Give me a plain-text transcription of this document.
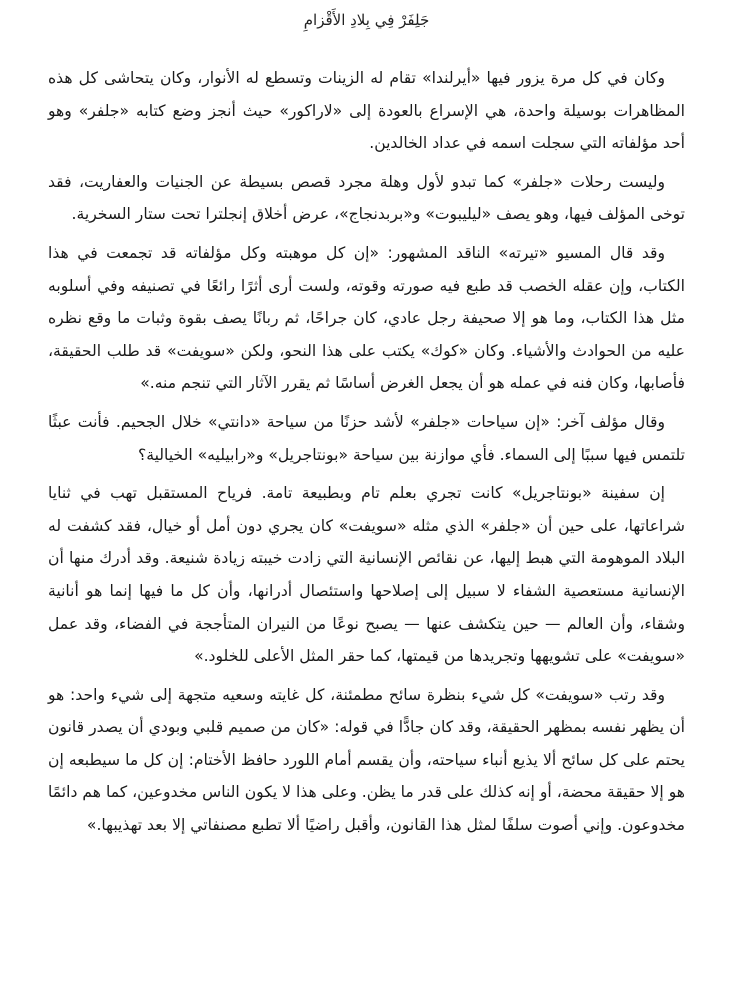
جَلِفَرْ فِي بِلادِ الأَقْزامِ

وكان في كل مرة يزور فيها «أيرلندا» تقام له الزينات وتسطع له الأنوار، وكان يتحاشى كل هذه المظاهرات بوسيلة واحدة، هي الإسراع بالعودة إلى «لاراكور» حيث أنجز وضع كتابه «جلفر» وهو أحد مؤلفاته التي سجلت اسمه في عداد الخالدين.

وليست رحلات «جلفر» كما تبدو لأول وهلة مجرد قصص بسيطة عن الجنيات والعفاريت، فقد توخى المؤلف فيها، وهو يصف «ليليبوت» و«بربدنجاج»، عرض أخلاق إنجلترا تحت ستار السخرية.

وقد قال المسيو «تيرته» الناقد المشهور: «إن كل موهبته وكل مؤلفاته قد تجمعت في هذا الكتاب، وإن عقله الخصب قد طبع فيه صورته وقوته، ولست أرى أثرًا رائعًا في تصنيفه وفي أسلوبه مثل هذا الكتاب، وما هو إلا صحيفة رجل عادي، كان جراحًا، ثم ربانًا يصف بقوة وثبات ما وقع نظره عليه من الحوادث والأشياء. وكان «كوك» يكتب على هذا النحو، ولكن «سويفت» قد طلب الحقيقة، فأصابها، وكان فنه في عمله هو أن يجعل الغرض أساسًا ثم يقرر الآثار التي تنجم منه.»

وقال مؤلف آخر: «إن سياحات «جلفر» لأشد حزنًا من سياحة «دانتي» خلال الجحيم. فأنت عبثًا تلتمس فيها سببًا إلى السماء. فأي موازنة بين سياحة «بونتاجريل» و«رابيليه» الخيالية؟

إن سفينة «بونتاجريل» كانت تجري بعلم تام وبطبيعة تامة. فرياح المستقبل تهب في ثنايا شراعاتها، على حين أن «جلفر» الذي مثله «سويفت» كان يجري دون أمل أو خيال، فقد كشفت له البلاد الموهومة التي هبط إليها، عن نقائص الإنسانية التي زادت خيبته زيادة شنيعة. وقد أدرك منها أن الإنسانية مستعصية الشفاء لا سبيل إلى إصلاحها واستئصال أدرانها، وأن كل ما فيها إنما هو أنانية وشقاء، وأن العالم — حين يتكشف عنها — يصبح نوعًا من النيران المتأججة في الفضاء، وقد عمل «سويفت» على تشويهها وتجريدها من قيمتها، كما حقر المثل الأعلى للخلود.»

وقد رتب «سويفت» كل شيء بنظرة سائح مطمئنة، كل غايته وسعيه متجهة إلى شيء واحد: هو أن يظهر نفسه بمظهر الحقيقة، وقد كان جادًّا في قوله: «كان من صميم قلبي وبودي أن يصدر قانون يحتم على كل سائح ألا يذيع أنباء سياحته، وأن يقسم أمام اللورد حافظ الأختام: إن كل ما سيطبعه إن هو إلا حقيقة محضة، أو إنه كذلك على قدر ما يظن. وعلى هذا لا يكون الناس مخدوعين، كما هم دائمًا مخدوعون. وإني أصوت سلفًا لمثل هذا القانون، وأقبل راضيًا ألا تطبع مصنفاتي إلا بعد تهذيبها.»
